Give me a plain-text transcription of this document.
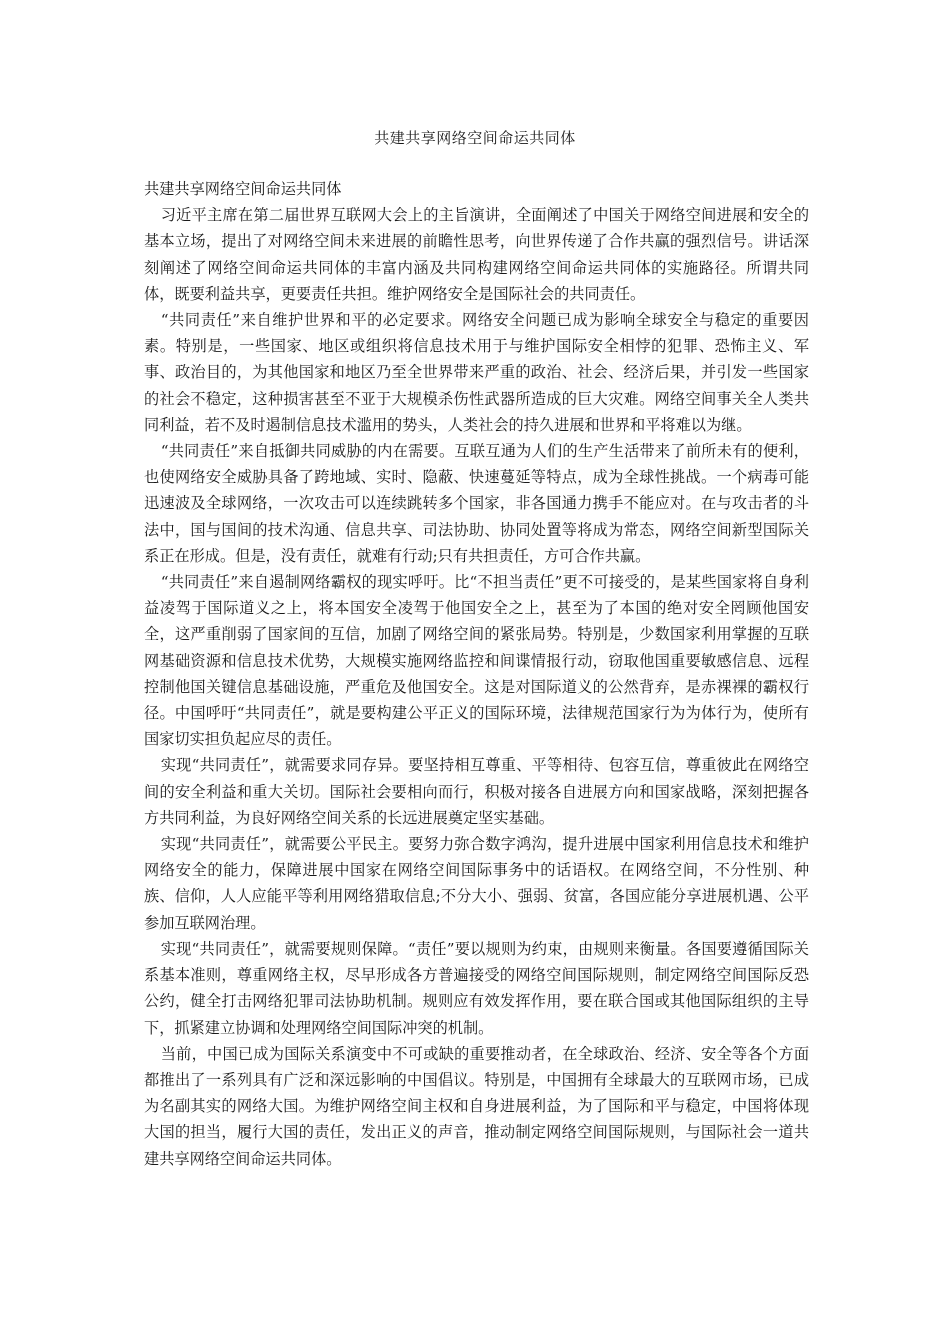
共建共享网络空间命运共同体

共建共享网络空间命运共同体

习近平主席在第二届世界互联网大会上的主旨演讲，全面阐述了中国关于网络空间进展和安全的基本立场，提出了对网络空间未来进展的前瞻性思考，向世界传递了合作共赢的强烈信号。讲话深刻阐述了网络空间命运共同体的丰富内涵及共同构建网络空间命运共同体的实施路径。所谓共同体，既要利益共享，更要责任共担。维护网络安全是国际社会的共同责任。

“共同责任”来自维护世界和平的必定要求。网络安全问题已成为影响全球安全与稳定的重要因素。特别是，一些国家、地区或组织将信息技术用于与维护国际安全相悖的犯罪、恐怖主义、军事、政治目的，为其他国家和地区乃至全世界带来严重的政治、社会、经济后果，并引发一些国家的社会不稳定，这种损害甚至不亚于大规模杀伤性武器所造成的巨大灾难。网络空间事关全人类共同利益，若不及时遏制信息技术滥用的势头，人类社会的持久进展和世界和平将难以为继。

“共同责任”来自抵御共同威胁的内在需要。互联互通为人们的生产生活带来了前所未有的便利，也使网络安全威胁具备了跨地域、实时、隐蔽、快速蔓延等特点，成为全球性挑战。一个病毒可能迅速波及全球网络，一次攻击可以连续跳转多个国家，非各国通力携手不能应对。在与攻击者的斗法中，国与国间的技术沟通、信息共享、司法协助、协同处置等将成为常态，网络空间新型国际关系正在形成。但是，没有责任，就难有行动;只有共担责任，方可合作共赢。

“共同责任”来自遏制网络霸权的现实呼吁。比“不担当责任”更不可接受的，是某些国家将自身利益凌驾于国际道义之上，将本国安全凌驾于他国安全之上，甚至为了本国的绝对安全罔顾他国安全，这严重削弱了国家间的互信，加剧了网络空间的紧张局势。特别是，少数国家利用掌握的互联网基础资源和信息技术优势，大规模实施网络监控和间谍情报行动，窃取他国重要敏感信息、远程控制他国关键信息基础设施，严重危及他国安全。这是对国际道义的公然背弃，是赤裸裸的霸权行径。中国呼吁“共同责任”，就是要构建公平正义的国际环境，法律规范国家行为为体行为，使所有国家切实担负起应尽的责任。

实现“共同责任”，就需要求同存异。要坚持相互尊重、平等相待、包容互信，尊重彼此在网络空间的安全利益和重大关切。国际社会要相向而行，积极对接各自进展方向和国家战略，深刻把握各方共同利益，为良好网络空间关系的长远进展奠定坚实基础。

实现“共同责任”，就需要公平民主。要努力弥合数字鸿沟，提升进展中国家利用信息技术和维护网络安全的能力，保障进展中国家在网络空间国际事务中的话语权。在网络空间，不分性别、种族、信仰，人人应能平等利用网络猎取信息;不分大小、强弱、贫富，各国应能分享进展机遇、公平参加互联网治理。

实现“共同责任”，就需要规则保障。“责任”要以规则为约束，由规则来衡量。各国要遵循国际关系基本准则，尊重网络主权，尽早形成各方普遍接受的网络空间国际规则，制定网络空间国际反恐公约，健全打击网络犯罪司法协助机制。规则应有效发挥作用，要在联合国或其他国际组织的主导下，抓紧建立协调和处理网络空间国际冲突的机制。

当前，中国已成为国际关系演变中不可或缺的重要推动者，在全球政治、经济、安全等各个方面都推出了一系列具有广泛和深远影响的中国倡议。特别是，中国拥有全球最大的互联网市场，已成为名副其实的网络大国。为维护网络空间主权和自身进展利益，为了国际和平与稳定，中国将体现大国的担当，履行大国的责任，发出正义的声音，推动制定网络空间国际规则，与国际社会一道共建共享网络空间命运共同体。
